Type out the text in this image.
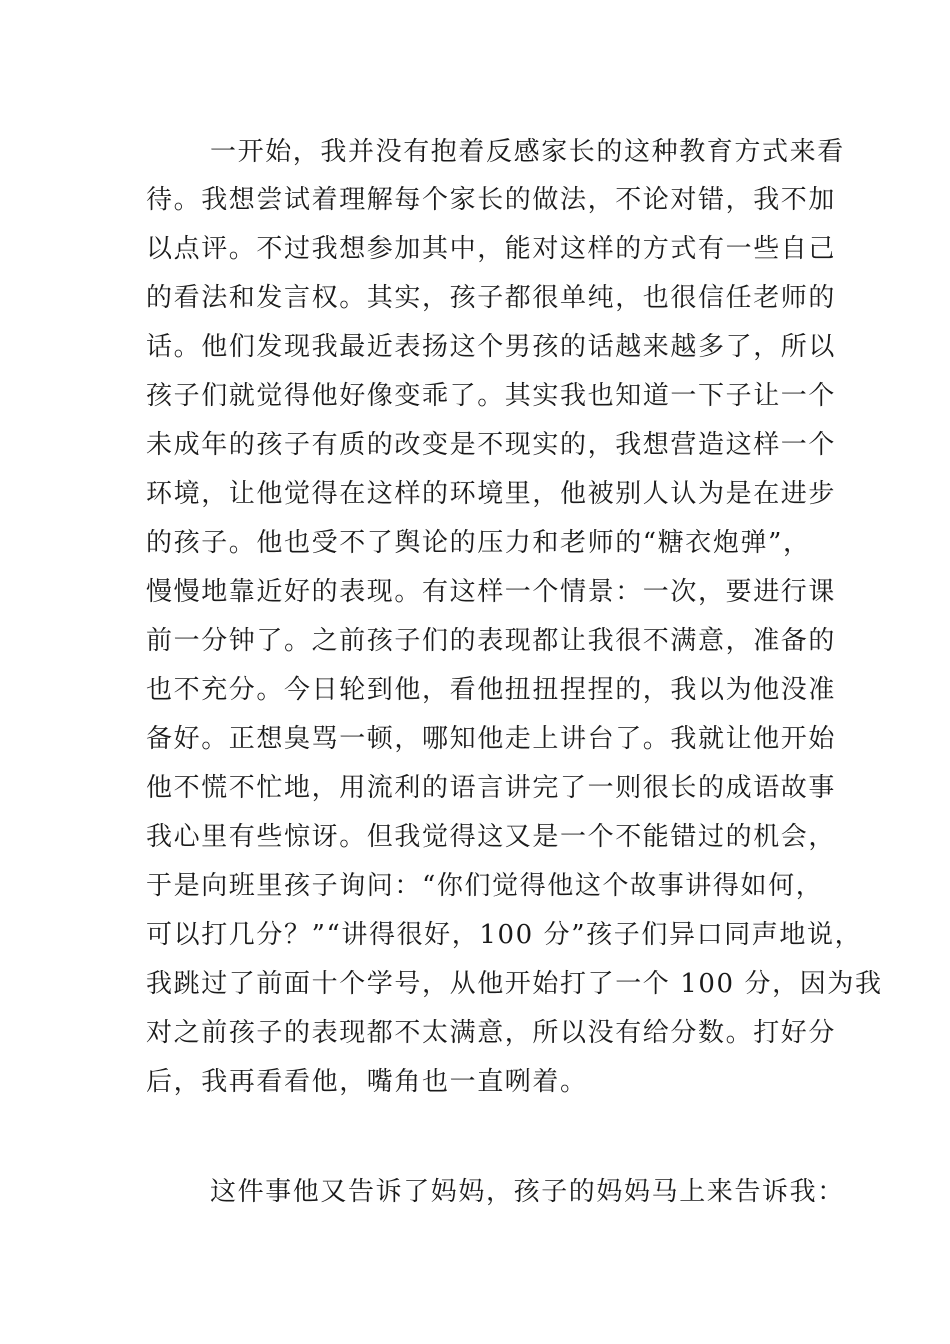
一开始，我并没有抱着反感家长的这种教育方式来看
待。我想尝试着理解每个家长的做法，不论对错，我不加
以点评。不过我想参加其中，能对这样的方式有一些自己
的看法和发言权。其实，孩子都很单纯，也很信任老师的
话。他们发现我最近表扬这个男孩的话越来越多了，所以
孩子们就觉得他好像变乖了。其实我也知道一下子让一个
未成年的孩子有质的改变是不现实的，我想营造这样一个
环境，让他觉得在这样的环境里，他被别人认为是在进步
的孩子。他也受不了舆论的压力和老师的“糖衣炮弹”，
慢慢地靠近好的表现。有这样一个情景：一次，要进行课
前一分钟了。之前孩子们的表现都让我很不满意，准备的
也不充分。今日轮到他，看他扭扭捏捏的，我以为他没准
备好。正想臭骂一顿，哪知他走上讲台了。我就让他开始
他不慌不忙地，用流利的语言讲完了一则很长的成语故事
我心里有些惊讶。但我觉得这又是一个不能错过的机会，
于是向班里孩子询问：“你们觉得他这个故事讲得如何，
可以打几分？”“讲得很好，100 分”孩子们异口同声地说，
我跳过了前面十个学号，从他开始打了一个 100 分，因为我
对之前孩子的表现都不太满意，所以没有给分数。打好分
后，我再看看他，嘴角也一直咧着。
这件事他又告诉了妈妈，孩子的妈妈马上来告诉我：
